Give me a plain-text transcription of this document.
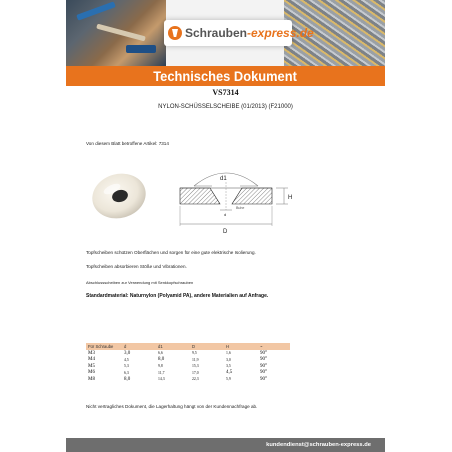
Schrauben-express.de
Technisches Dokument
VS7314
NYLON-SCHÜSSELSCHEIBE (01/2013) (F21000)
Von diesem Blatt betroffene Artikel: 7314
d1
H
d
Buhe
D
Topfscheiben schützen Oberflächen und sorgen für eine gute elektrische Isolierung.
Topfscheiben absorbieren Stöße und Vibrationen.
Abschlussscheiben zur Verwendung mit Senkkopfschrauben
Standardmaterial: Naturnylon (Polyamid PA), andere Materialien auf Anfrage.
Für Schraube	d	d1	D	H	~
M3	3,0	6,6	9,5	1,6	90°
M4	4,5	8,0	11,9	3,0	90°
M5	5,3	9,8	15,3	3,5	90°
M6	6,3	11,7	17,0	4,5	90°
M8	8,0	14,3	22,3	5,9	90°
Nicht vertragliches Dokument, die Lagerhaltung hängt von der Kundennachfrage ab.
kundendienst@schrauben-express.de
